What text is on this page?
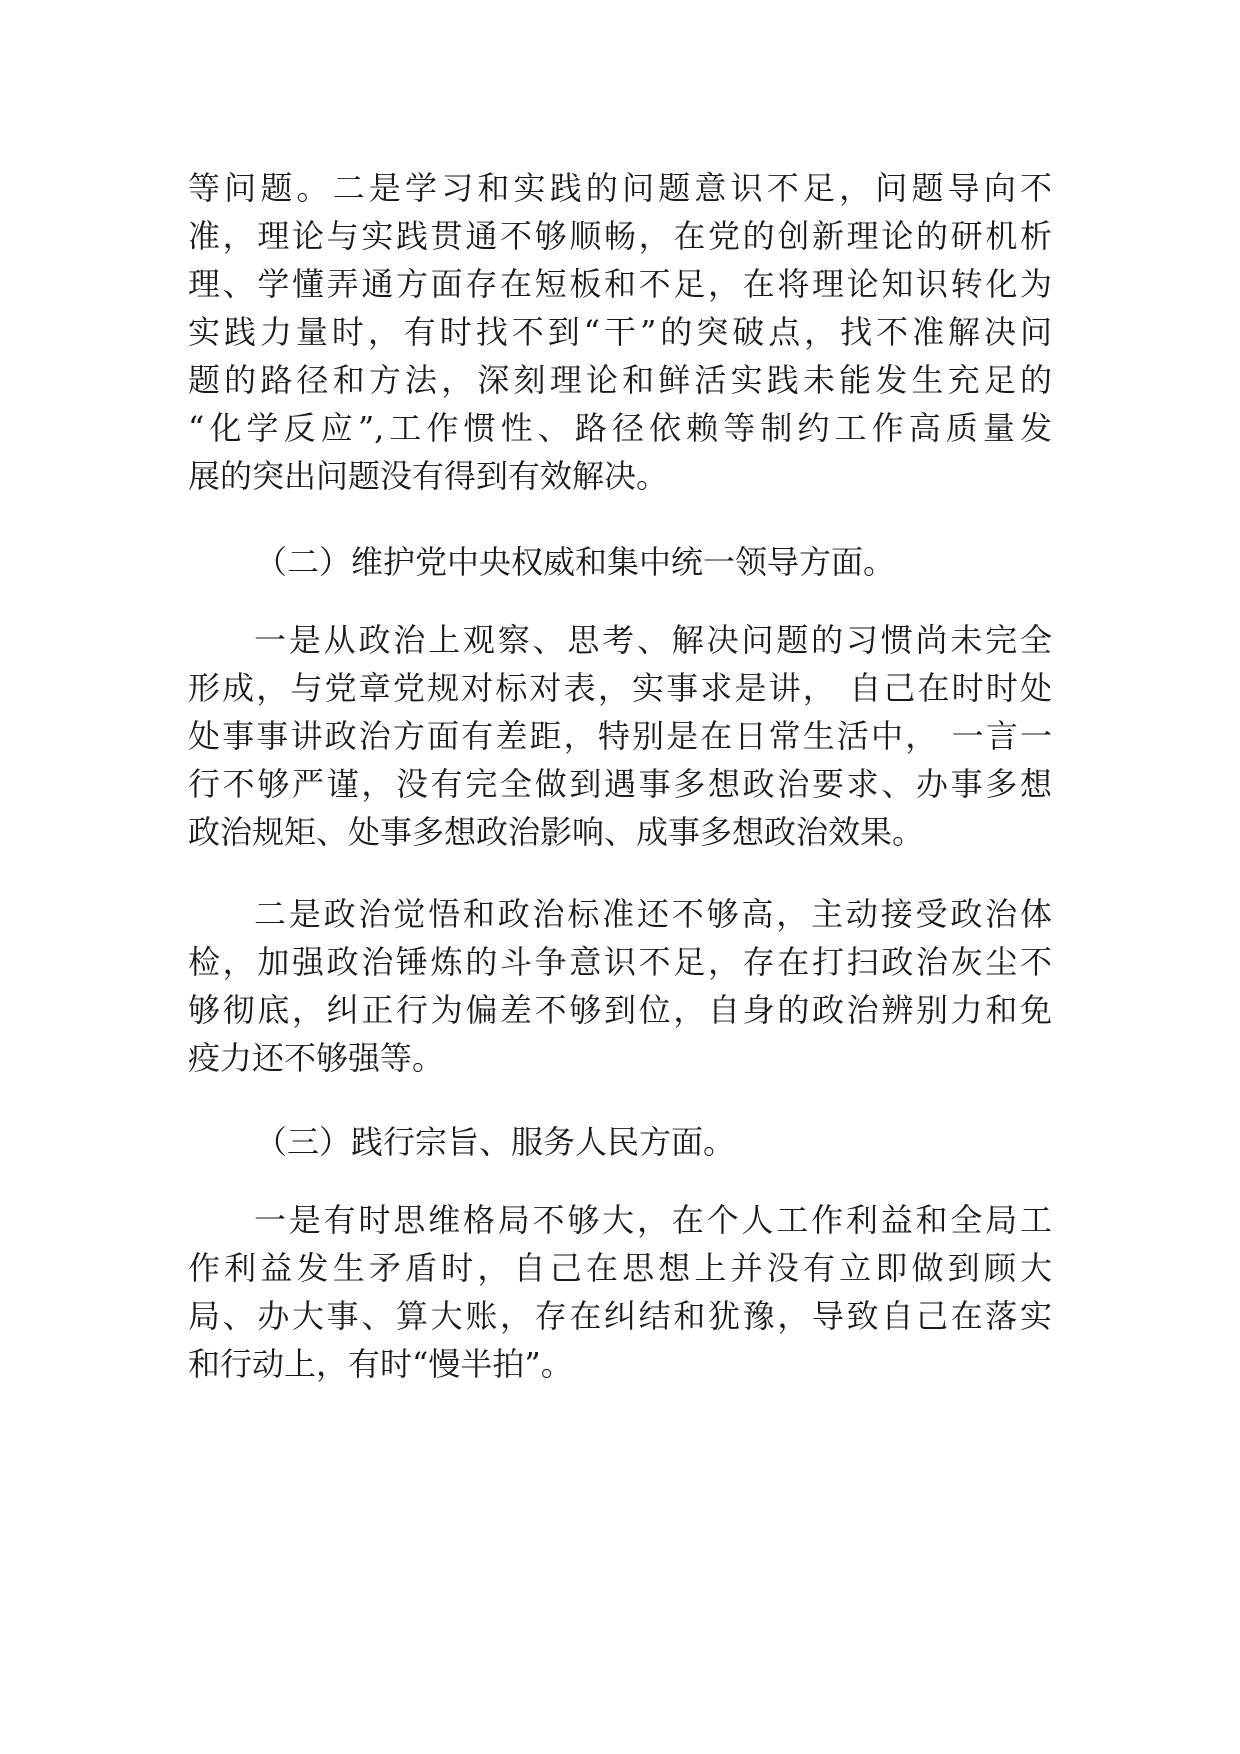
等问题。二是学习和实践的问题意识不足，问题导向不
准，理论与实践贯通不够顺畅，在党的创新理论的研机析
理、学懂弄通方面存在短板和不足，在将理论知识转化为
实践力量时，有时找不到“干”的突破点，找不准解决问
题的路径和方法，深刻理论和鲜活实践未能发生充足的
“化学反应”,工作惯性、路径依赖等制约工作高质量发
展的突出问题没有得到有效解决。
（二）维护党中央权威和集中统一领导方面。
一是从政治上观察、思考、解决问题的习惯尚未完全
形成，与党章党规对标对表，实事求是讲， 自己在时时处
处事事讲政治方面有差距，特别是在日常生活中， 一言一
行不够严谨，没有完全做到遇事多想政治要求、办事多想
政治规矩、处事多想政治影响、成事多想政治效果。
二是政治觉悟和政治标准还不够高，主动接受政治体
检，加强政治锤炼的斗争意识不足，存在打扫政治灰尘不
够彻底，纠正行为偏差不够到位，自身的政治辨别力和免
疫力还不够强等。
（三）践行宗旨、服务人民方面。
一是有时思维格局不够大，在个人工作利益和全局工
作利益发生矛盾时，自己在思想上并没有立即做到顾大
局、办大事、算大账，存在纠结和犹豫，导致自己在落实
和行动上，有时“慢半拍”。
